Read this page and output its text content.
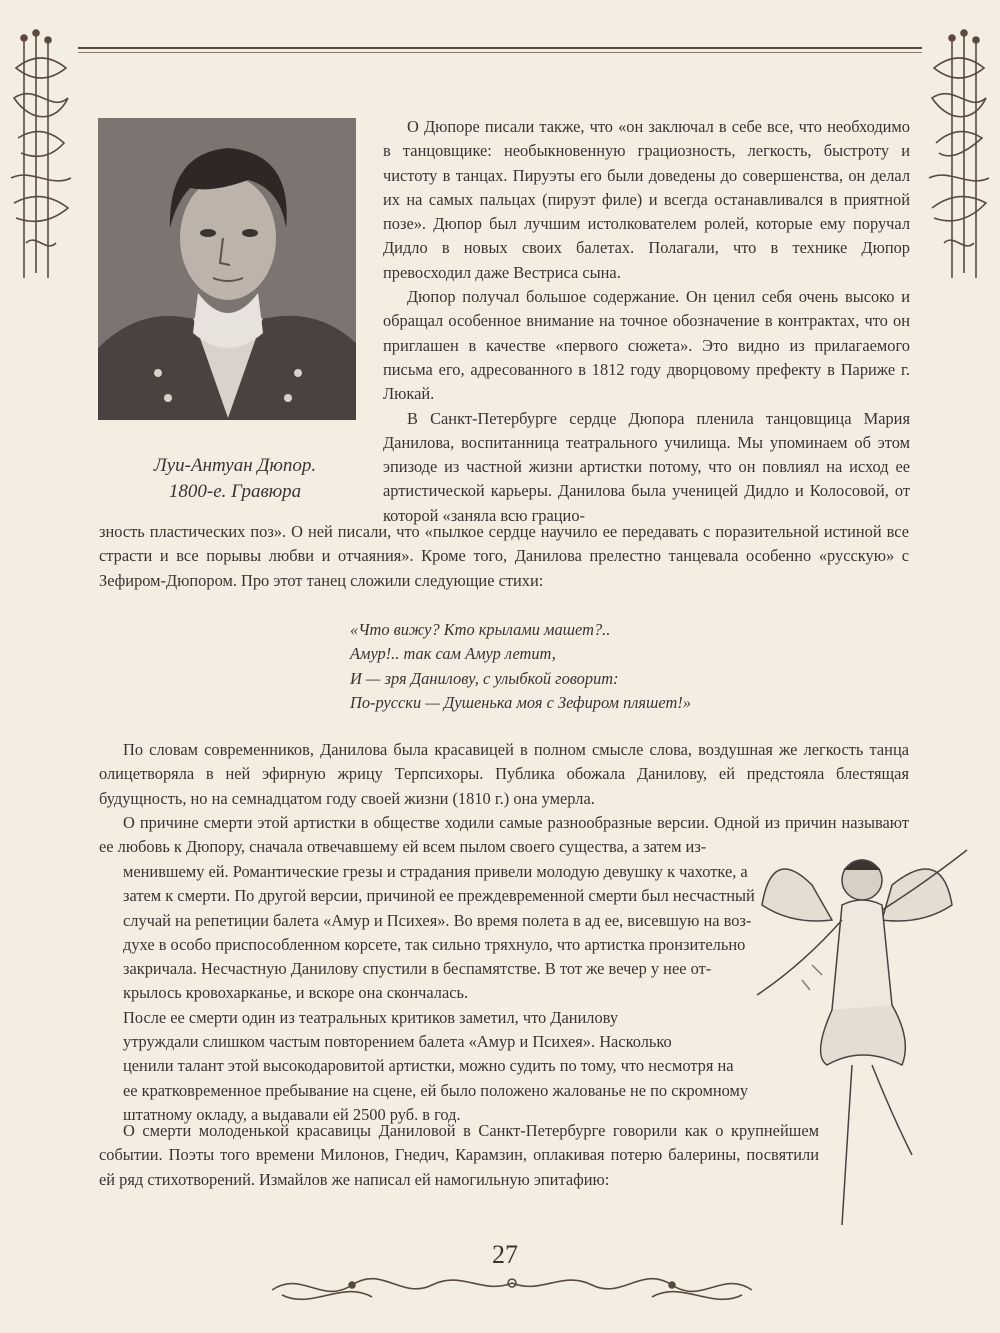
Луи-Антуан Дюпор.
1800-е. Гравюра

О Дюпоре писали также, что «он заключал в себе все, что необходимо в танцовщике: необыкновенную грациозность, легкость, быстроту и чистоту в танцах. Пируэты его были доведены до совершенства, он делал их на самых пальцах (пируэт филе) и всегда останавливался в приятной позе». Дюпор был лучшим истолкователем ролей, которые ему поручал Дидло в новых своих балетах. Полагали, что в технике Дюпор превосходил даже Вестриса сына.

Дюпор получал большое содержание. Он ценил себя очень высоко и обращал особенное внимание на точное обозначение в контрактах, что он приглашен в качестве «первого сюжета». Это видно из прилагаемого письма его, адресованного в 1812 году дворцовому префекту в Париже г. Люкай.

В Санкт-Петербурге сердце Дюпора пленила танцовщица Мария Данилова, воспитанница театрального училища. Мы упоминаем об этом эпизоде из частной жизни артистки потому, что он повлиял на исход ее артистической карьеры. Данилова была ученицей Дидло и Колосовой, от которой «заняла всю грацио-

зность пластических поз». О ней писали, что «пылкое сердце научило ее передавать с поразительной истиной все страсти и все порывы любви и отчаяния». Кроме того, Данилова прелестно танцевала особенно «русскую» с Зефиром-Дюпором. Про этот танец сложили следующие стихи:

«Что вижу? Кто крылами машет?..
Амур!.. так сам Амур летит,
И — зря Данилову, с улыбкой говорит:
По-русски — Душенька моя с Зефиром пляшет!»

По словам современников, Данилова была красавицей в полном смысле слова, воздушная же легкость танца олицетворяла в ней эфирную жрицу Терпсихоры. Публика обожала Данилову, ей предстояла блестящая будущность, но на семнадцатом году своей жизни (1810 г.) она умерла.

О причине смерти этой артистки в обществе ходили самые разнообразные версии. Одной из причин называют ее любовь к Дюпору, сначала отвечавшему ей всем пылом своего существа, а затем из-

менившему ей. Романтические грезы и страдания привели молодую девушку к чахотке, а

затем к смерти. По другой версии, причиной ее преждевременной смерти был несчастный

случай на репетиции балета «Амур и Психея». Во время полета в ад ее, висевшую на воз-

духе в особо приспособленном корсете, так сильно тряхнуло, что артистка пронзительно

закричала. Несчастную Данилову спустили в беспамятстве. В тот же вечер у нее от-

крылось кровохарканье, и вскоре она скончалась.

После ее смерти один из театральных критиков заметил, что Данилову

утруждали слишком частым повторением балета «Амур и Психея». Насколько

ценили талант этой высокодаровитой артистки, можно судить по тому, что несмотря на

ее кратковременное пребывание на сцене, ей было положено жалованье не по скромному

штатному окладу, а выдавали ей 2500 руб. в год.

О смерти молоденькой красавицы Даниловой в Санкт-Петербурге говорили как о крупнейшем событии. Поэты того времени Милонов, Гнедич, Карамзин, оплакивая потерю балерины, посвятили ей ряд стихотворений. Измайлов же написал ей намогильную эпитафию:

27
